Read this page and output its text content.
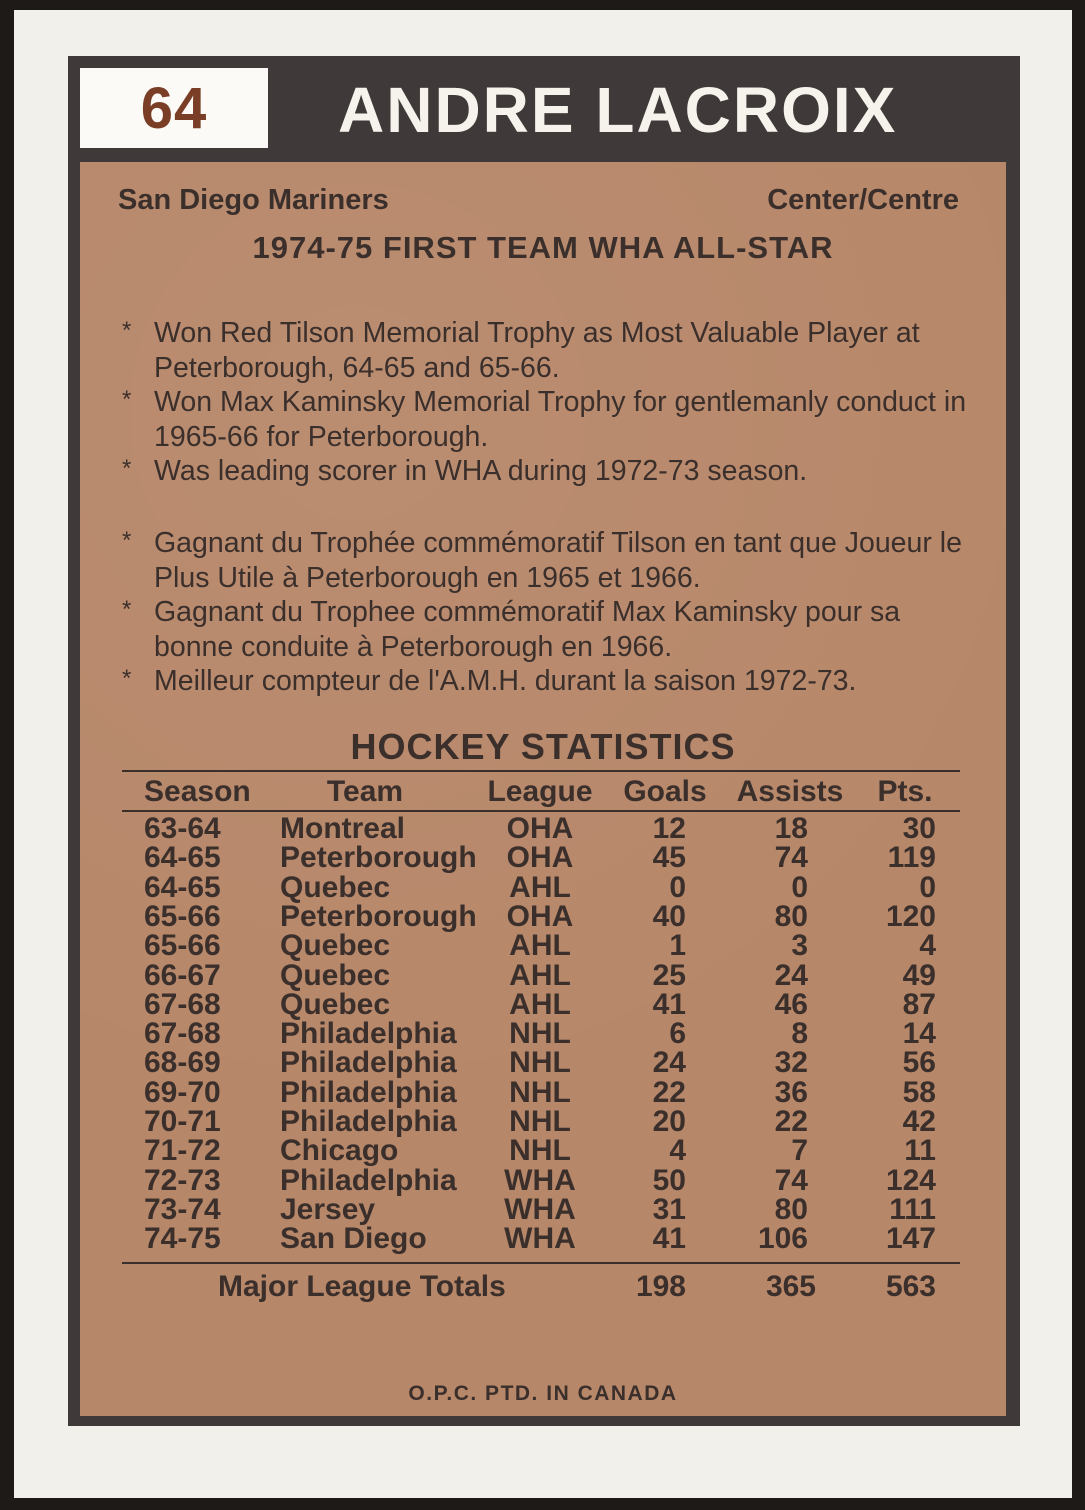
64 ANDRE LACROIX
San Diego Mariners	Center/Centre
1974-75 FIRST TEAM WHA ALL-STAR
* Won Red Tilson Memorial Trophy as Most Valuable Player at Peterborough, 64-65 and 65-66.
* Won Max Kaminsky Memorial Trophy for gentlemanly conduct in 1965-66 for Peterborough.
* Was leading scorer in WHA during 1972-73 season.
* Gagnant du Trophée commémoratif Tilson en tant que Joueur le Plus Utile à Peterborough en 1965 et 1966.
* Gagnant du Trophee commémoratif Max Kaminsky pour sa bonne conduite à Peterborough en 1966.
* Meilleur compteur de l'A.M.H. durant la saison 1972-73.
HOCKEY STATISTICS
Season	Team	League Goals Assists	Pts.
63-64	Montreal	OHA	12	18	30
64-65	Peterborough OHA	45	74	119
64-65	Quebec	AHL	0	0	0
65-66	Peterborough OHA	40	80	120
65-66	Quebec	AHL	1	3	4
66-67	Quebec	AHL	25	24	49
67-68	Quebec	AHL	41	46	87
67-68	Philadelphia	NHL	6	8	14
68-69	Philadelphia	NHL	24	32	56
69-70	Philadelphia	NHL	22	36	58
70-71	Philadelphia	NHL	20	22	42
71-72	Chicago	NHL	4	7	11
72-73	Philadelphia	WHA	50	74	124
73-74	Jersey	WHA	31	80	111
74-75	San Diego	WHA	41	106	147
Major League Totals	198	365	563
O.P.C. PTD. IN CANADA
